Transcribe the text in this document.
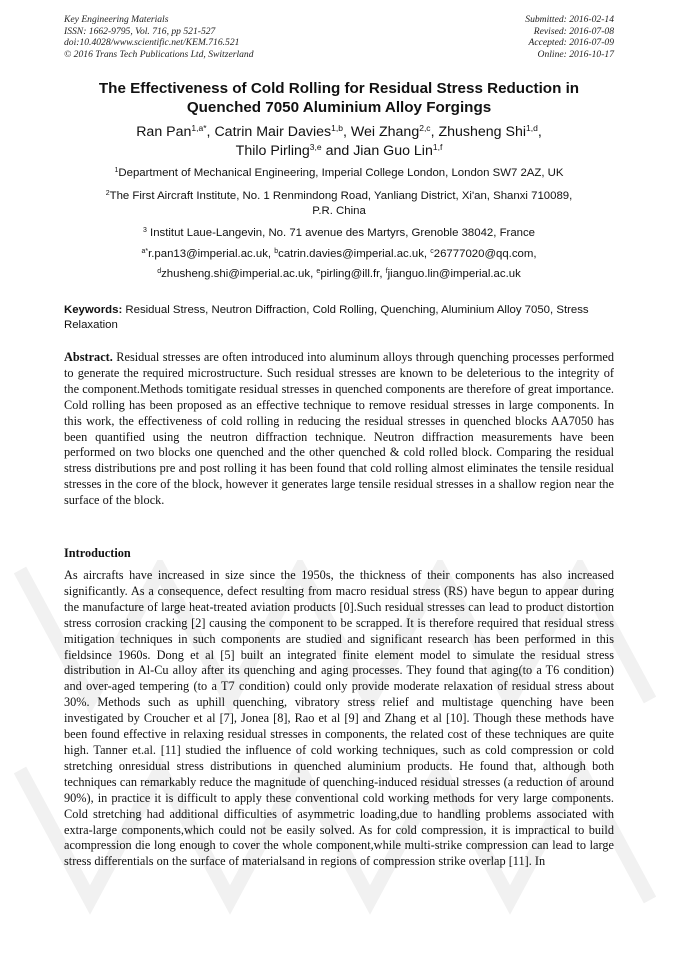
Key Engineering Materials
ISSN: 1662-9795, Vol. 716, pp 521-527
doi:10.4028/www.scientific.net/KEM.716.521
© 2016 Trans Tech Publications Ltd, Switzerland
Submitted: 2016-02-14
Revised: 2016-07-08
Accepted: 2016-07-09
Online: 2016-10-17
The Effectiveness of Cold Rolling for Residual Stress Reduction in
Quenched 7050 Aluminium Alloy Forgings
Ran Pan$^{1,a*}$, Catrin Mair Davies$^{1,b}$, Wei Zhang$^{2,c}$, Zhusheng Shi$^{1,d}$,
Thilo Pirling$^{3,e}$ and Jian Guo Lin$^{1,f}$
$^1$Department of Mechanical Engineering, Imperial College London, London SW7 2AZ, UK
$^2$The First Aircraft Institute, No. 1 Renmindong Road, Yanliang District, Xi'an, Shanxi 710089,
P.R. China
$^3$ Institut Laue-Langevin, No. 71 avenue des Martyrs, Grenoble 38042, France
$^{a*}$r.pan13@imperial.ac.uk, $^b$catrin.davies@imperial.ac.uk, $^c$26777020@qq.com,
$^d$zhusheng.shi@imperial.ac.uk, $^e$pirling@ill.fr, $^f$jianguo.lin@imperial.ac.uk
Keywords: Residual Stress, Neutron Diffraction, Cold Rolling, Quenching, Aluminium Alloy 7050, Stress Relaxation
Abstract. Residual stresses are often introduced into aluminum alloys through quenching processes performed to generate the required microstructure. Such residual stresses are known to be deleterious to the integrity of the component.Methods tomitigate residual stresses in quenched components are therefore of great importance. Cold rolling has been proposed as an effective technique to remove residual stresses in large components. In this work, the effectiveness of cold rolling in reducing the residual stresses in quenched blocks AA7050 has been quantified using the neutron diffraction technique. Neutron diffraction measurements have been performed on two blocks one quenched and the other quenched & cold rolled block. Comparing the residual stress distributions pre and post rolling it has been found that cold rolling almost eliminates the tensile residual stresses in the core of the block, however it generates large tensile residual stresses in a shallow region near the surface of the block.
Introduction
As aircrafts have increased in size since the 1950s, the thickness of their components has also increased significantly. As a consequence, defect resulting from macro residual stress (RS) have begun to appear during the manufacture of large heat-treated aviation products [0].Such residual stresses can lead to product distortion stress corrosion cracking [2] causing the component to be scrapped. It is therefore required that residual stress mitigation techniques in such components are studied and significant research has been performed in this fieldsince 1960s. Dong et al [5] built an integrated finite element model to simulate the residual stress distribution in Al-Cu alloy after its quenching and aging processes. They found that aging(to a T6 condition) and over-aged tempering (to a T7 condition) could only provide moderate relaxation of residual stress about 30%. Methods such as uphill quenching, vibratory stress relief and multistage quenching have been investigated by Croucher et al [7], Jonea [8], Rao et al [9] and Zhang et al [10]. Though these methods have been found effective in relaxing residual stresses in components, the related cost of these techniques are quite high. Tanner et.al. [11] studied the influence of cold working techniques, such as cold compression or cold stretching onresidual stress distributions in quenched aluminium products. He found that, although both techniques can remarkably reduce the magnitude of quenching-induced residual stresses (a reduction of around 90%), in practice it is difficult to apply these conventional cold working methods for very large components. Cold stretching had additional difficulties of asymmetric loading,due to handling problems associated with extra-large components,which could not be easily solved. As for cold compression, it is impractical to build acompression die long enough to cover the whole component,while multi-strike compression can lead to large stress differentials on the surface of materialsand in regions of compression strike overlap [11]. In
